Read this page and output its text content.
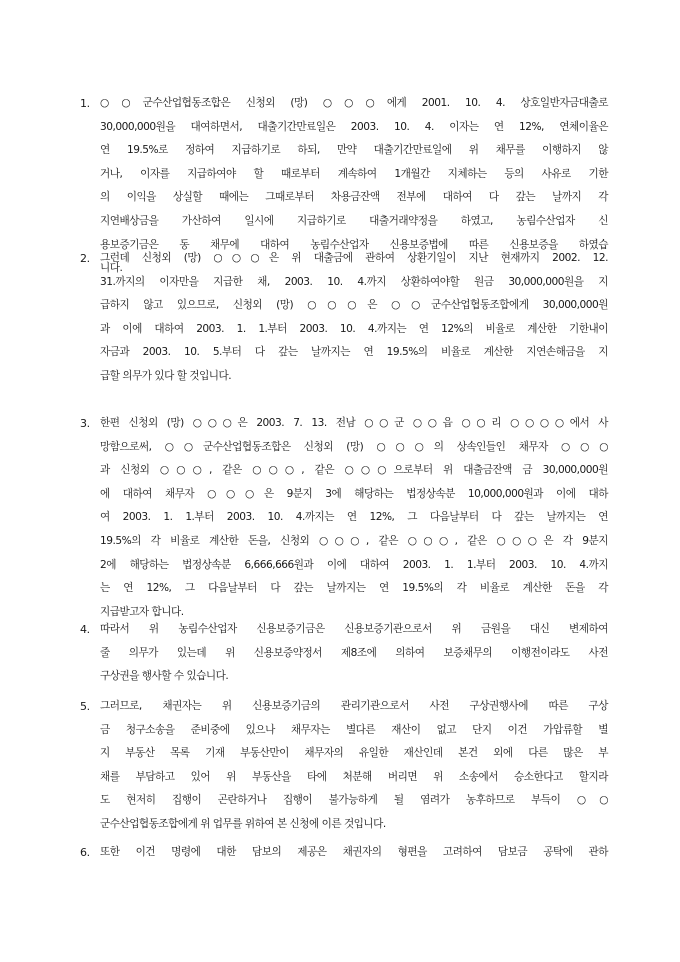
1. ○○군수산업협동조합은 신청외 (망) ○○○에게 2001. 10. 4. 상호일반자금대출로
30,000,000원을 대여하면서, 대출기간만료일은 2003. 10. 4. 이자는 연 12%, 연체이율은
연 19.5%로 정하여 지급하기로 하되, 만약 대출기간만료일에 위 채무를 이행하지 않
거나, 이자를 지급하여야 할 때로부터 계속하여 1개월간 지체하는 등의 사유로 기한
의 이익을 상실할 때에는 그때로부터 차용금잔액 전부에 대하여 다 갚는 날까지 각
지연배상금을 가산하여 일시에 지급하기로 대출거래약정을 하였고, 농림수산업자 신
용보증기금은 동 채무에 대하여 농림수산업자 신용보증법에 따른 신용보증을 하였습
니다.
2. 그런데 신청외 (망) ○○○은 위 대출금에 관하여 상환기일이 지난 현재까지 2002. 12.
31.까지의 이자만을 지급한 채, 2003. 10. 4.까지 상환하여야할 원금 30,000,000원을 지
급하지 않고 있으므로, 신청외 (망) ○○○은 ○○군수산업협동조합에게 30,000,000원
과 이에 대하여 2003. 1. 1.부터 2003. 10. 4.까지는 연 12%의 비율로 계산한 기한내이
자금과 2003. 10. 5.부터 다 갚는 날까지는 연 19.5%의 비율로 계산한 지연손해금을 지
급할 의무가 있다 할 것입니다.
3. 한편 신청외 (망) ○○○은 2003. 7. 13. 전남 ○○군 ○○읍 ○○리 ○○○○에서 사
망함으로써, ○○군수산업협동조합은 신청외 (망) ○○○의 상속인들인 채무자 ○○○
과 신청외 ○○○, 같은 ○○○, 같은 ○○○으로부터 위 대출금잔액 금 30,000,000원
에 대하여 채무자 ○○○은 9분지 3에 해당하는 법정상속분 10,000,000원과 이에 대하
여 2003. 1. 1.부터 2003. 10. 4.까지는 연 12%, 그 다음날부터 다 갚는 날까지는 연
19.5%의 각 비율로 계산한 돈을, 신청외 ○○○, 같은 ○○○, 같은 ○○○은 각 9분지
2에 해당하는 법정상속분 6,666,666원과 이에 대하여 2003. 1. 1.부터 2003. 10. 4.까지
는 연 12%, 그 다음날부터 다 갚는 날까지는 연 19.5%의 각 비율로 계산한 돈을 각
지급받고자 합니다.
4. 따라서 위 농림수산업자 신용보증기금은 신용보증기관으로서 위 금원을 대신 변제하여
줄 의무가 있는데 위 신용보증약정서 제8조에 의하여 보증채무의 이행전이라도 사전
구상권을 행사할 수 있습니다.
5. 그러므로, 채권자는 위 신용보증기금의 관리기관으로서 사전 구상권행사에 따른 구상
금 청구소송을 준비중에 있으나 채무자는 별다른 재산이 없고 단지 이건 가압류할 별
지 부동산 목록 기재 부동산만이 채무자의 유일한 재산인데 본건 외에 다른 많은 부
채를 부담하고 있어 위 부동산을 타에 처분해 버리면 위 소송에서 승소한다고 할지라
도 현저히 집행이 곤란하거나 집행이 불가능하게 될 염려가 농후하므로 부득이 ○○
군수산업협동조합에게 위 업무를 위하여 본 신청에 이른 것입니다.
6. 또한 이건 명령에 대한 담보의 제공은 채권자의 형편을 고려하여 담보금 공탁에 관하
